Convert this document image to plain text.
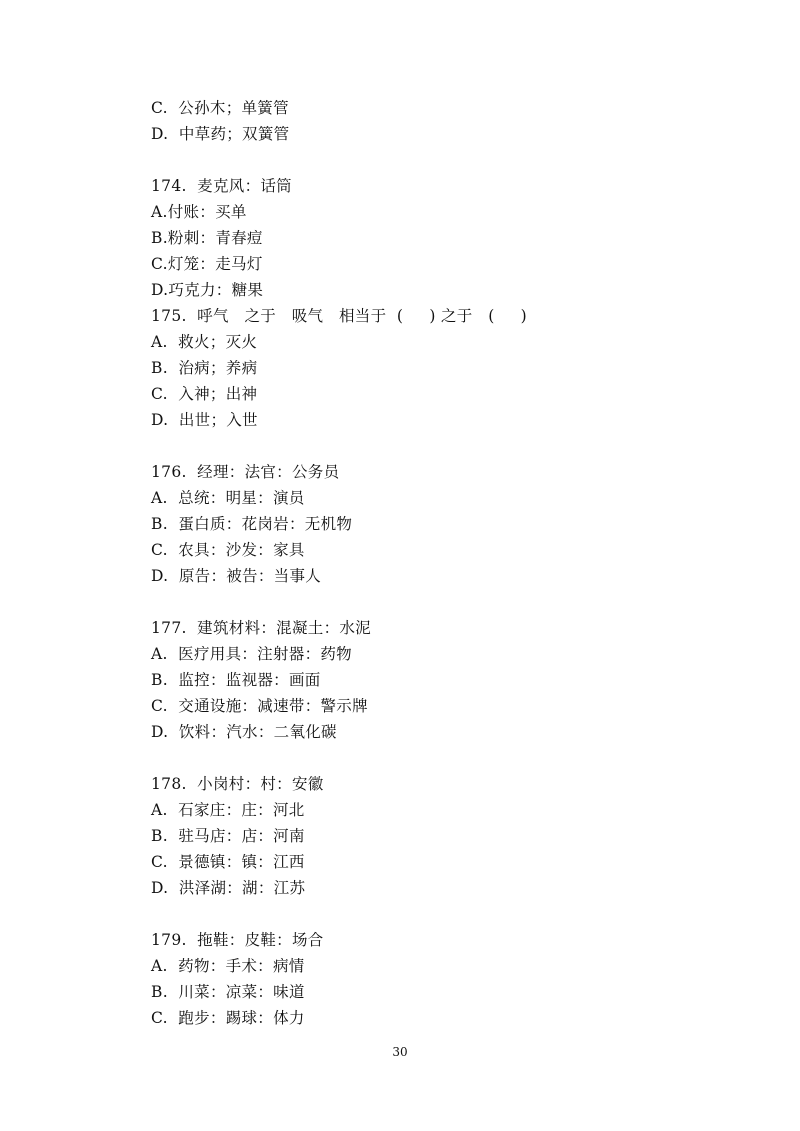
C.  公孙木；单簧管
D.  中草药；双簧管
174.  麦克风：话筒
A.付账：买单
B.粉刺：青春痘
C.灯笼：走马灯
D.巧克力：糖果
175.  呼气   之于   吸气   相当于  (     ) 之于   (     )
A.  救火；灭火
B.  治病；养病
C.  入神；出神
D.  出世；入世
176.  经理：法官：公务员
A.  总统：明星：演员
B.  蛋白质：花岗岩：无机物
C.  农具：沙发：家具
D.  原告：被告：当事人
177.  建筑材料：混凝土：水泥
A.  医疗用具：注射器：药物
B.  监控：监视器：画面
C.  交通设施：减速带：警示牌
D.  饮料：汽水：二氧化碳
178.  小岗村：村：安徽
A.  石家庄：庄：河北
B.  驻马店：店：河南
C.  景德镇：镇：江西
D.  洪泽湖：湖：江苏
179.  拖鞋：皮鞋：场合
A.  药物：手术：病情
B.  川菜：凉菜：味道
C.  跑步：踢球：体力
30
